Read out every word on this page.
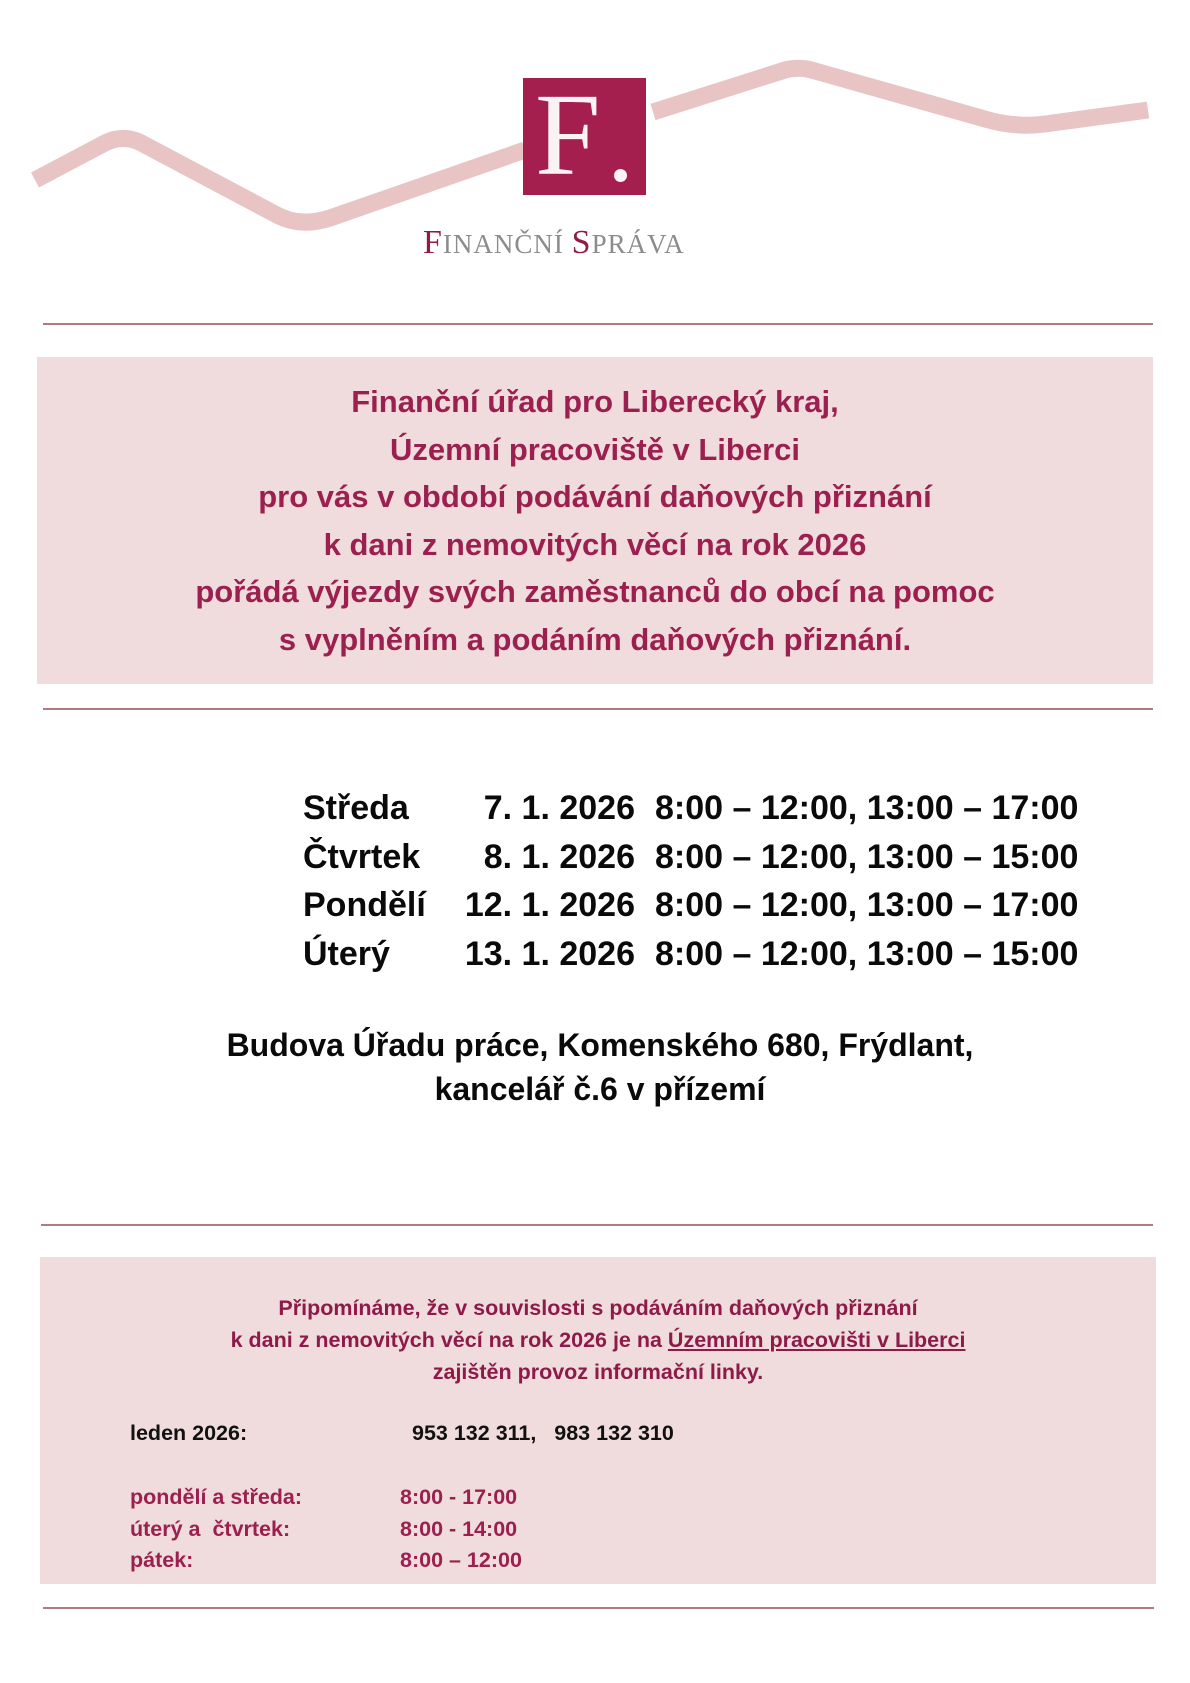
F
FINANČNÍ SPRÁVA
Finanční úřad pro Liberecký kraj,
Územní pracoviště v Liberci
pro vás v období podávání daňových přiznání
k dani z nemovitých věcí na rok 2026
pořádá výjezdy svých zaměstnanců do obcí na pomoc
s vyplněním a podáním daňových přiznání.
Středa 7. 1. 2026 8:00 – 12:00, 13:00 – 17:00
Čtvrtek 8. 1. 2026 8:00 – 12:00, 13:00 – 15:00
Pondělí 12. 1. 2026 8:00 – 12:00, 13:00 – 17:00
Úterý 13. 1. 2026 8:00 – 12:00, 13:00 – 15:00
Budova Úřadu práce, Komenského 680, Frýdlant,
kancelář č.6 v přízemí
Připomínáme, že v souvislosti s podáváním daňových přiznání
k dani z nemovitých věcí na rok 2026 je na Územním pracovišti v Liberci
zajištěn provoz informační linky.
leden 2026:	953 132 311,   983 132 310
pondělí a středa:	8:00 - 17:00
úterý a  čtvrtek:	8:00 - 14:00
pátek:	8:00 – 12:00
